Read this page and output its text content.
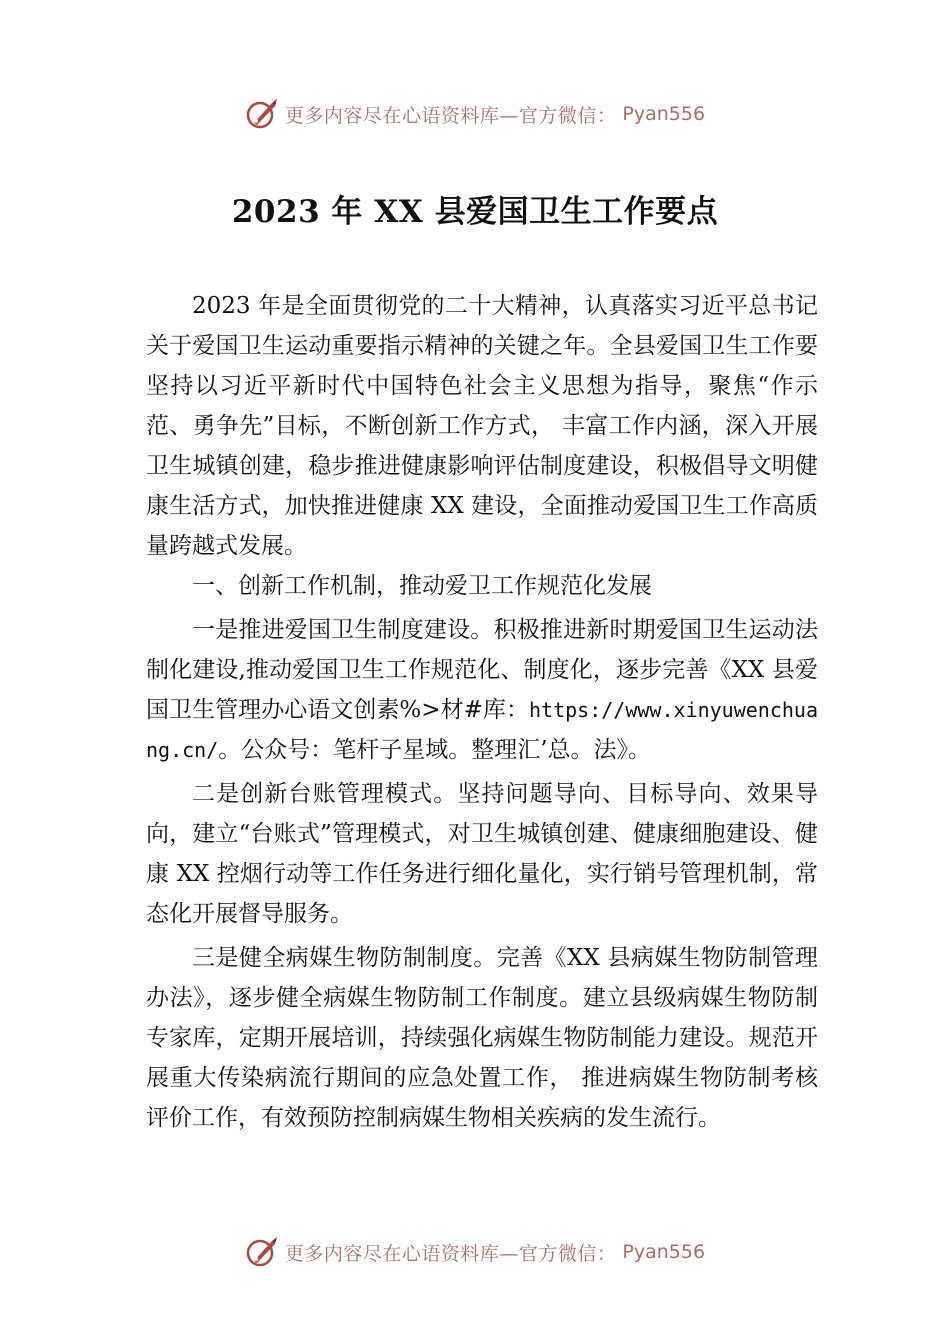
更多内容尽在心语资料库—官方微信： Pyan556
2023 年 XX 县爱国卫生工作要点

2023 年是全面贯彻党的二十大精神，认真落实习近平总书记关于爱国卫生运动重要指示精神的关键之年。全县爱国卫生工作要坚持以习近平新时代中国特色社会主义思想为指导，聚焦“作示范、勇争先”目标，不断创新工作方式， 丰富工作内涵，深入开展卫生城镇创建，稳步推进健康影响评估制度建设，积极倡导文明健康生活方式，加快推进健康 XX 建设，全面推动爱国卫生工作高质量跨越式发展。

一、创新工作机制，推动爱卫工作规范化发展

一是推进爱国卫生制度建设。积极推进新时期爱国卫生运动法制化建设,推动爱国卫生工作规范化、制度化，逐步完善《XX 县爱国卫生管理办心语文创素%>材#库：https://www.xinyuwenchuang.cn/。公众号：笔杆子星域。整理汇’总。法》。

二是创新台账管理模式。坚持问题导向、目标导向、效果导向，建立“台账式”管理模式，对卫生城镇创建、健康细胞建设、健康 XX 控烟行动等工作任务进行细化量化，实行销号管理机制，常态化开展督导服务。

三是健全病媒生物防制制度。完善《XX 县病媒生物防制管理办法》，逐步健全病媒生物防制工作制度。建立县级病媒生物防制专家库，定期开展培训，持续强化病媒生物防制能力建设。规范开展重大传染病流行期间的应急处置工作， 推进病媒生物防制考核评价工作，有效预防控制病媒生物相关疾病的发生流行。

更多内容尽在心语资料库—官方微信： Pyan556
